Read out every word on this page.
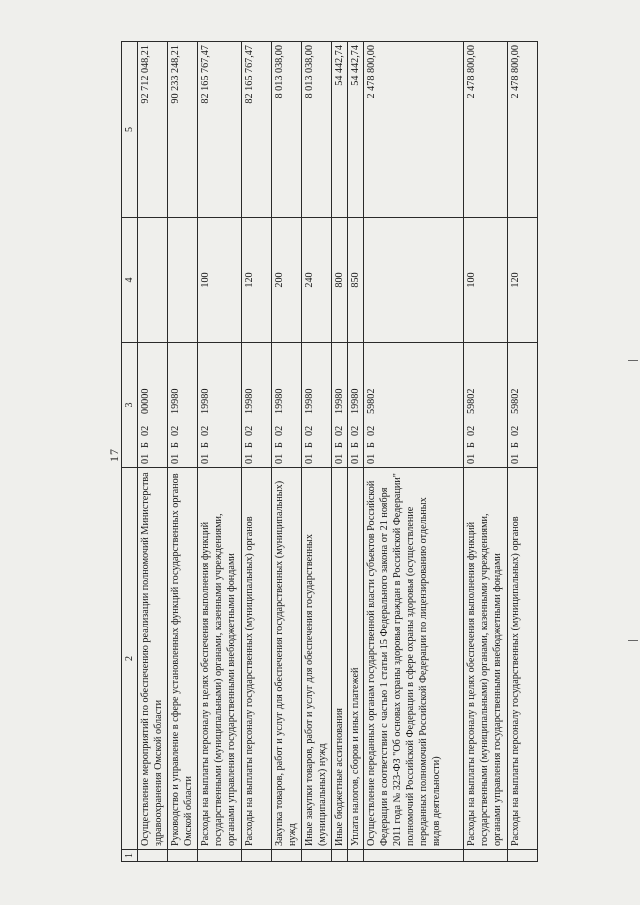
17
1	2	3	4	5
	Осуществление мероприятий по обеспечению реализации полномочий Министерства здравоохранения Омской области	01Б0200000		92 712 048,21
	Руководство и управление в сфере установленных функций государственных органов Омской области	01Б0219980		90 233 248,21
	Расходы на выплаты персоналу в целях обеспечения выполнения функций государственными (муниципальными) органами, казенными учреждениями, органами управления государственными внебюджетными фондами	01Б0219980	100	82 165 767,47
	Расходы на выплаты персоналу государственных (муниципальных) органов	01Б0219980	120	82 165 767,47
	Закупка товаров, работ и услуг для обеспечения государственных (муниципальных) нужд	01Б0219980	200	8 013 038,00
	Иные закупки товаров, работ и услуг для обеспечения государственных (муниципальных) нужд	01Б0219980	240	8 013 038,00
	Иные бюджетные ассигнования	01Б0219980	800	54 442,74
	Уплата налогов, сборов и иных платежей	01Б0219980	850	54 442,74
	Осуществление переданных органам государственной власти субъектов Российской Федерации в соответствии с частью 1 статьи 15 Федерального закона от 21 ноября 2011 года № 323-ФЗ "Об основах охраны здоровья граждан в Российской Федерации" полномочий Российской Федерации в сфере охраны здоровья (осуществление переданных полномочий Российской Федерации по лицензированию отдельных видов деятельности)	01Б0259802		2 478 800,00
	Расходы на выплаты персоналу в целях обеспечения выполнения функций государственными (муниципальными) органами, казенными учреждениями, органами управления государственными внебюджетными фондами	01Б0259802	100	2 478 800,00
	Расходы на выплаты персоналу государственных (муниципальных) органов	01Б0259802	120	2 478 800,00
